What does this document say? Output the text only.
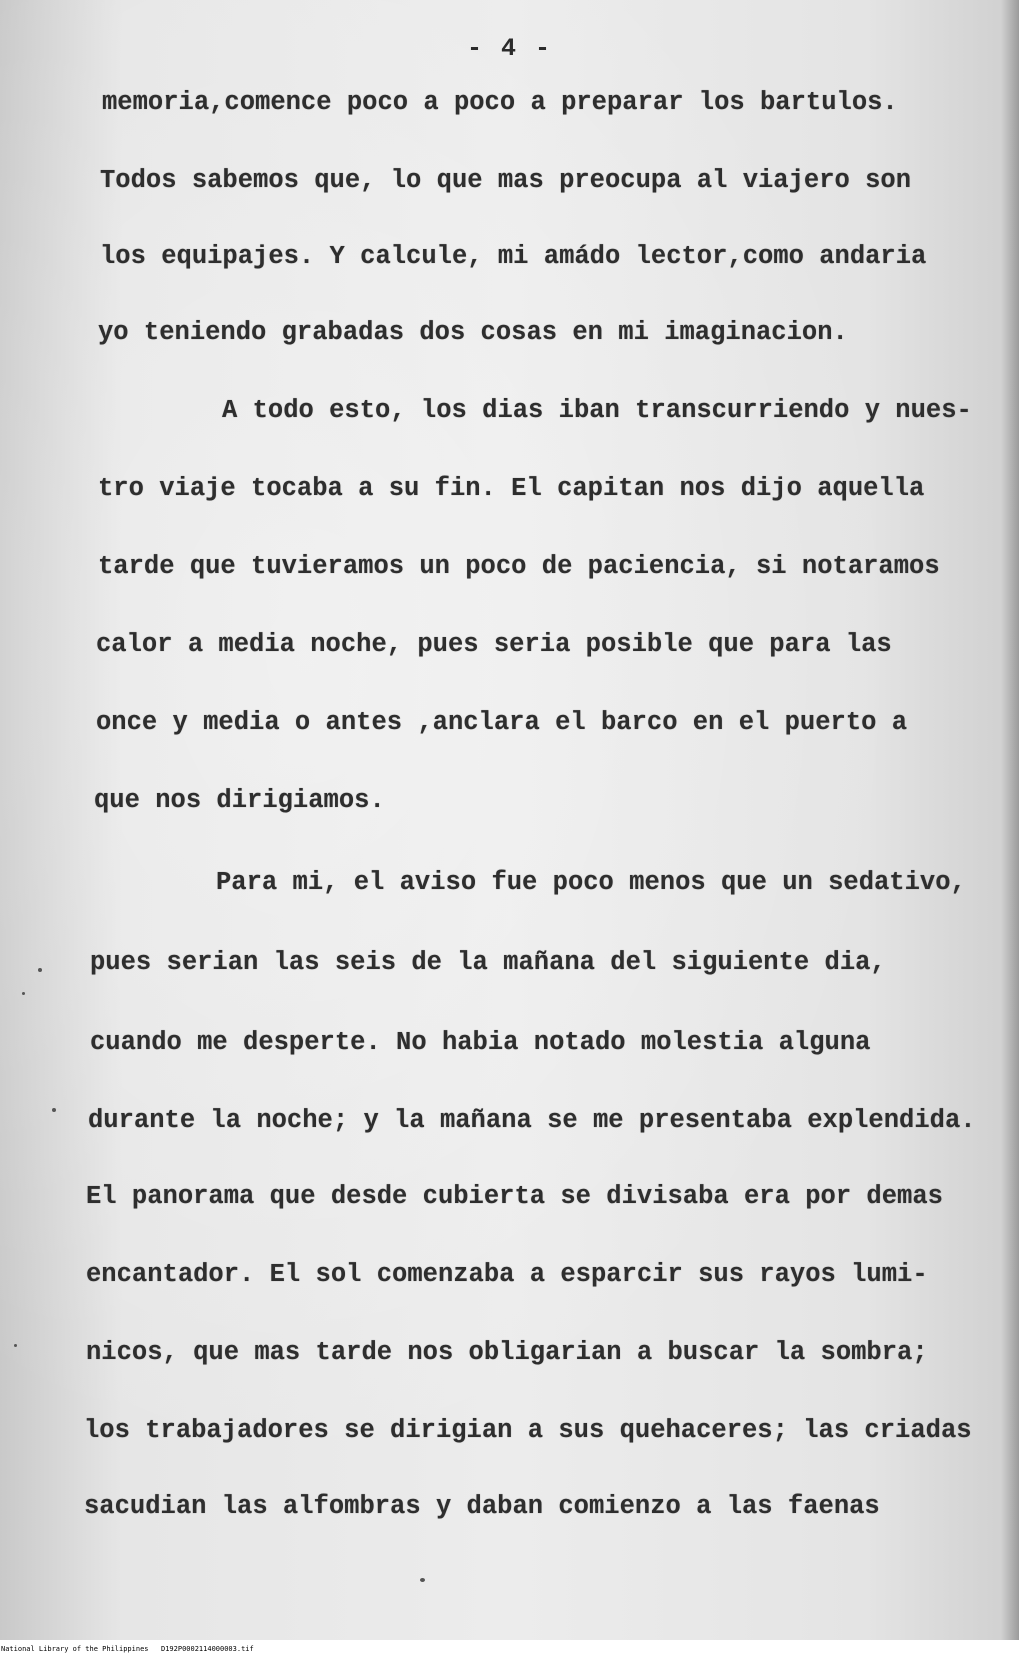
- 4 -
memoria,comence poco a poco a preparar los bartulos.
Todos sabemos que, lo que mas preocupa al viajero son
los equipajes. Y calcule, mi amádo lector,como andaria
yo teniendo grabadas dos cosas en mi imaginacion.
A todo esto, los dias iban transcurriendo y nues-
tro viaje tocaba a su fin. El capitan nos dijo aquella
tarde que tuvieramos un poco de paciencia, si notaramos
calor a media noche, pues seria posible que para las
once y media o antes ,anclara el barco en el puerto a
que nos dirigiamos.
Para mi, el aviso fue poco menos que un sedativo,
pues serian las seis de la mañana del siguiente dia,
cuando me desperte. No habia notado molestia alguna
durante la noche; y la mañana se me presentaba explendida.
El panorama que desde cubierta se divisaba era por demas
encantador. El sol comenzaba a esparcir sus rayos lumi-
nicos, que mas tarde nos obligarian a buscar la sombra;
los trabajadores se dirigian a sus quehaceres; las criadas
sacudian las alfombras y daban comienzo a las faenas
National Library of the Philippines D192P0002114000003.tif
